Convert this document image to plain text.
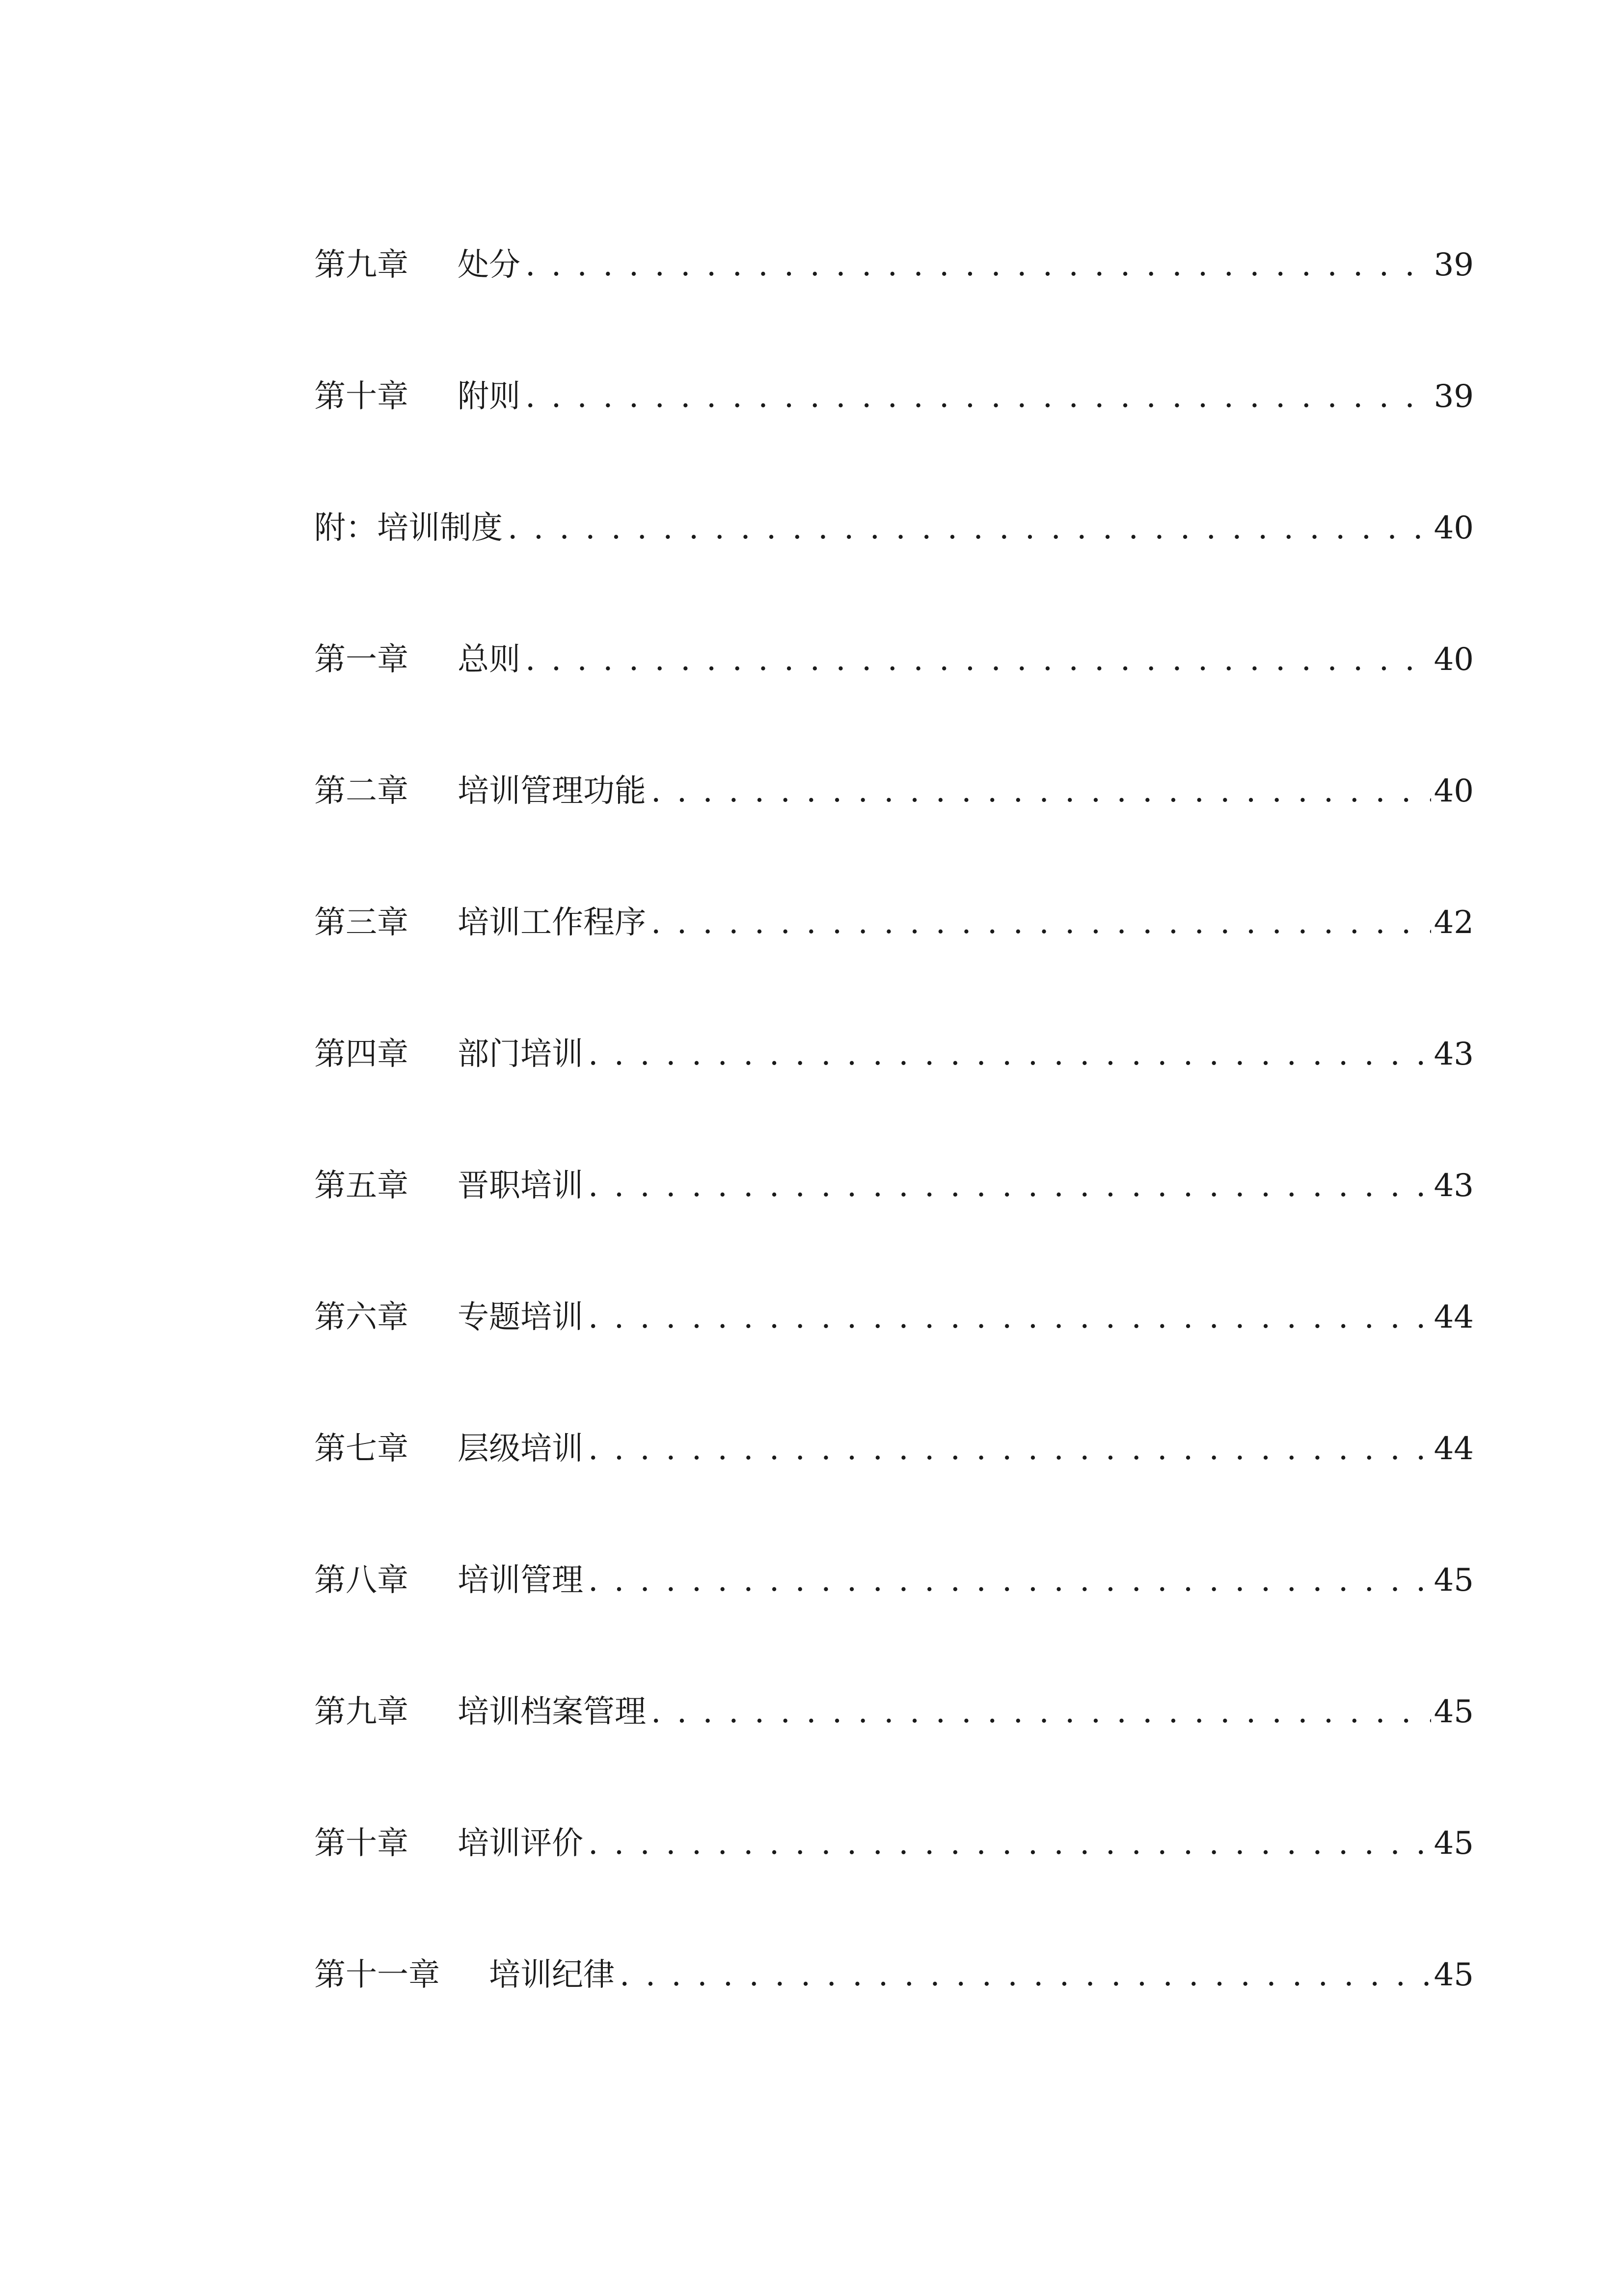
第九章 处分 . . .	39
第十章 附则 . . .	39
附：培训制度 . . .	40
第一章 总则 . . .	40
第二章 培训管理功能 . . .	40
第三章 培训工作程序 . . .	42
第四章 部门培训 . . .	43
第五章 晋职培训 . . .	43
第六章 专题培训 . . .	44
第七章 层级培训 . . .	44
第八章 培训管理 . . .	45
第九章 培训档案管理 . . .	45
第十章 培训评价 . . .	45
第十一章 培训纪律 . . .	45
